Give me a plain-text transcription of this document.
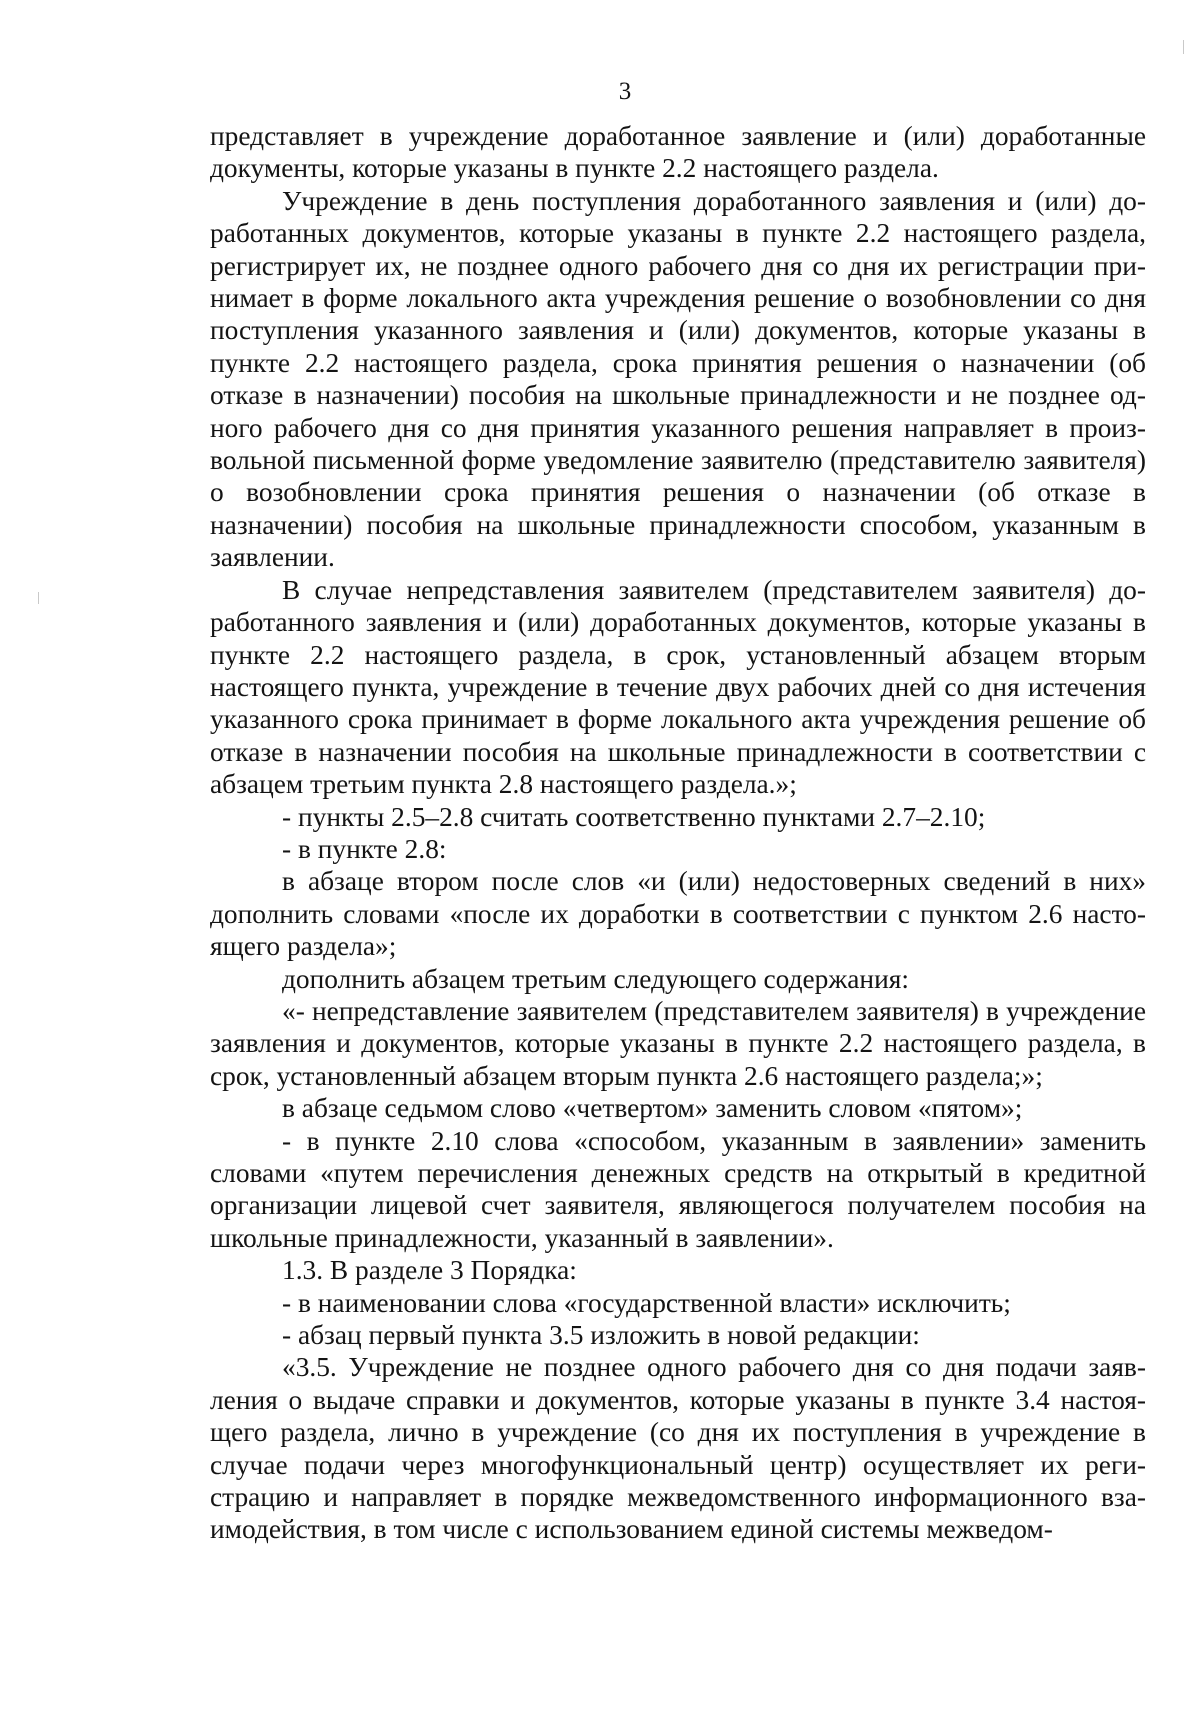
3

представляет в учреждение доработанное заявление и (или) доработанные документы, которые указаны в пункте 2.2 настоящего раздела.

Учреждение в день поступления доработанного заявления и (или) доработанных документов, которые указаны в пункте 2.2 настоящего раздела, регистрирует их, не позднее одного рабочего дня со дня их регистрации принимает в форме локального акта учреждения решение о возобновлении со дня поступления указанного заявления и (или) документов, которые указаны в пункте 2.2 настоящего раздела, срока принятия решения о назначении (об отказе в назначении) пособия на школьные принадлежности и не позднее одного рабочего дня со дня принятия указанного решения направляет в произвольной письменной форме уведомление заявителю (представителю заявителя) о возобновлении срока принятия решения о назначении (об отказе в назначении) пособия на школьные принадлежности способом, указанным в заявлении.

В случае непредставления заявителем (представителем заявителя) доработанного заявления и (или) доработанных документов, которые указаны в пункте 2.2 настоящего раздела, в срок, установленный абзацем вторым настоящего пункта, учреждение в течение двух рабочих дней со дня истечения указанного срока принимает в форме локального акта учреждения решение об отказе в назначении пособия на школьные принадлежности в соответствии с абзацем третьим пункта 2.8 настоящего раздела.»;

- пункты 2.5–2.8 считать соответственно пунктами 2.7–2.10;

- в пункте 2.8:

в абзаце втором после слов «и (или) недостоверных сведений в них» дополнить словами «после их доработки в соответствии с пунктом 2.6 настоящего раздела»;

дополнить абзацем третьим следующего содержания:

«- непредставление заявителем (представителем заявителя) в учреждение заявления и документов, которые указаны в пункте 2.2 настоящего раздела, в срок, установленный абзацем вторым пункта 2.6 настоящего раздела;»;

в абзаце седьмом слово «четвертом» заменить словом «пятом»;

- в пункте 2.10 слова «способом, указанным в заявлении» заменить словами «путем перечисления денежных средств на открытый в кредитной организации лицевой счет заявителя, являющегося получателем пособия на школьные принадлежности, указанный в заявлении».

1.3. В разделе 3 Порядка:

- в наименовании слова «государственной власти» исключить;

- абзац первый пункта 3.5 изложить в новой редакции:

«3.5. Учреждение не позднее одного рабочего дня со дня подачи заявления о выдаче справки и документов, которые указаны в пункте 3.4 настоящего раздела, лично в учреждение (со дня их поступления в учреждение в случае подачи через многофункциональный центр) осуществляет их регистрацию и направляет в порядке межведомственного информационного взаимодействия, в том числе с использованием единой системы межведом-
